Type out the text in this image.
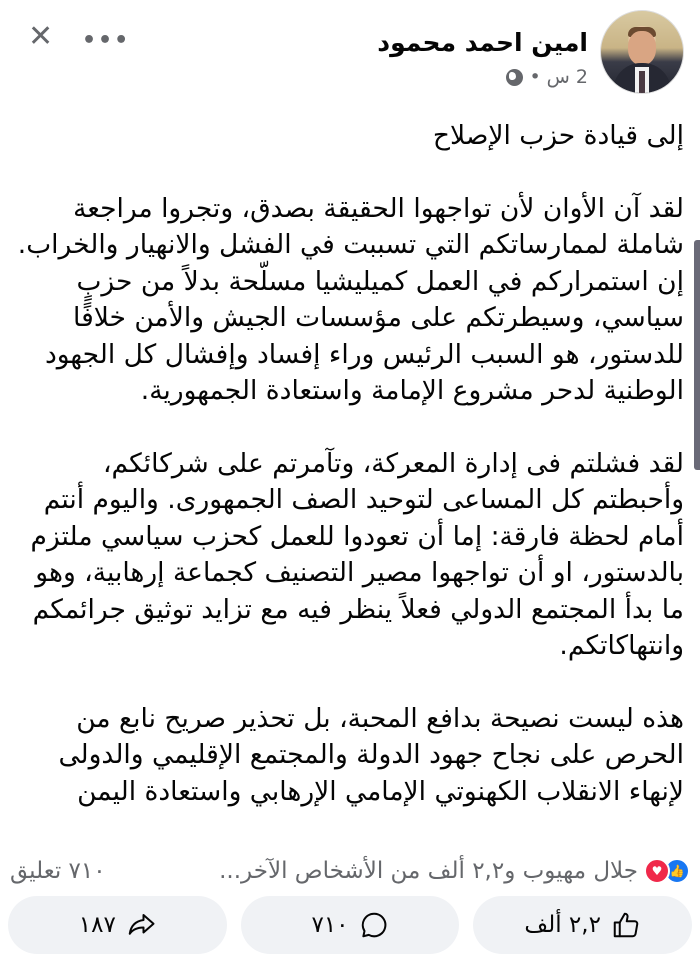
امين احمد محمود
2 س
•
•••
✕

إلى قيادة حزب الإصلاح

لقد آن الأوان لأن تواجهوا الحقيقة بصدق، وتجروا مراجعة شاملة لممارساتكم التي تسببت في الفشل والانهيار والخراب. إن استمراركم في العمل كميليشيا مسلّحة بدلاً من حزبٍ سياسي، وسيطرتكم على مؤسسات الجيش والأمن خلافًا للدستور، هو السبب الرئيس وراء إفساد وإفشال كل الجهود الوطنية لدحر مشروع الإمامة واستعادة الجمهورية.

لقد فشلتم فى إدارة المعركة، وتآمرتم على شركائكم، وأحبطتم كل المساعى لتوحيد الصف الجمهورى. واليوم أنتم أمام لحظة فارقة: إما أن تعودوا للعمل كحزب سياسي ملتزم بالدستور، او أن تواجهوا مصير التصنيف كجماعة إرهابية، وهو ما بدأ المجتمع الدولي فعلاً ينظر فيه مع تزايد توثيق جرائمكم وانتهاكاتكم.

هذه ليست نصيحة بدافع المحبة، بل تحذير صريح نابع من الحرص على نجاح جهود الدولة والمجتمع الإقليمي والدولى لإنهاء الانقلاب الكهنوتي الإمامي الإرهابي واستعادة اليمن

👍
♥
جلال مهيوب و٢,٢ ألف من الأشخاص الآخر...
٧١٠ تعليق
٢,٢ ألف
٧١٠
١٨٧
